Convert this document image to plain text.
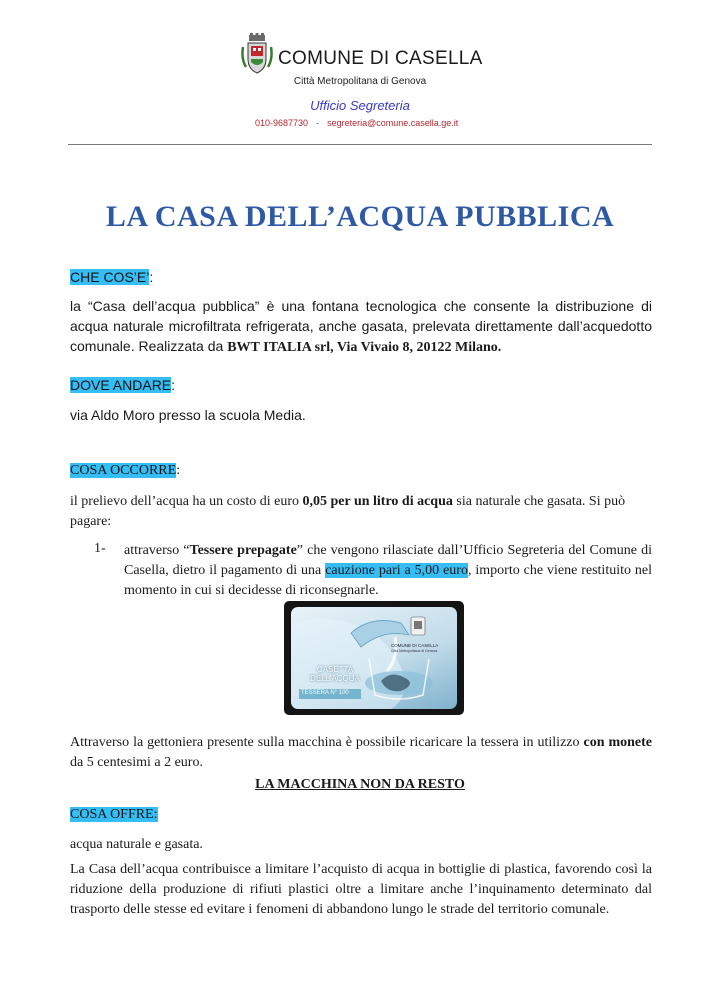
COMUNE DI CASELLA
Città Metropolitana di Genova
Ufficio Segreteria
010-9687730 - segreteria@comune.casella.ge.it
LA CASA DELL’ACQUA PUBBLICA
CHE COS’E’:
la “Casa dell’acqua pubblica” è una fontana tecnologica che consente la distribuzione di acqua naturale microfiltrata refrigerata, anche gasata, prelevata direttamente dall’acquedotto comunale. Realizzata da BWT ITALIA srl, Via Vivaio 8, 20122 Milano.
DOVE ANDARE:
via Aldo Moro presso la scuola Media.
COSA OCCORRE:
il prelievo dell’acqua ha un costo di euro 0,05 per un litro di acqua sia naturale che gasata. Si può pagare:
1- attraverso “Tessere prepagate” che vengono rilasciate dall’Ufficio Segreteria del Comune di Casella, dietro il pagamento di una cauzione pari a 5,00 euro, importo che viene restituito nel momento in cui si decidesse di riconsegnarle.
CASETTA
DELL’ACQUA
TESSERA N° 100
COMUNE DI CASELLA
Città Metropolitana di Genova
Attraverso la gettoniera presente sulla macchina è possibile ricaricare la tessera in utilizzo con monete da 5 centesimi a 2 euro.
LA MACCHINA NON DA RESTO
COSA OFFRE:
acqua naturale e gasata.
La Casa dell’acqua contribuisce a limitare l’acquisto di acqua in bottiglie di plastica, favorendo così la riduzione della produzione di rifiuti plastici oltre a limitare anche l’inquinamento determinato dal trasporto delle stesse ed evitare i fenomeni di abbandono lungo le strade del territorio comunale.
